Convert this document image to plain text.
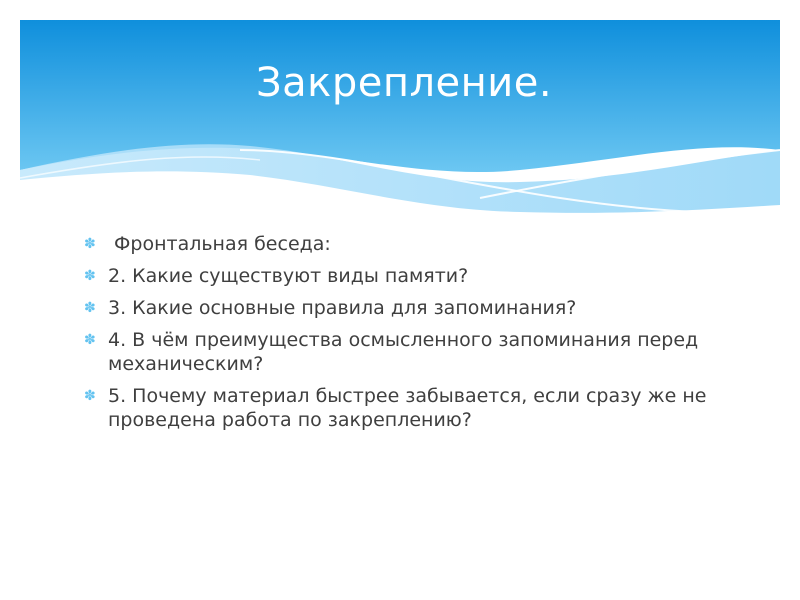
Закрепление.
✽ Фронтальная беседа:
✽ 2. Какие существуют виды памяти?
✽ 3. Какие основные правила для запоминания?
✽ 4. В чём преимущества осмысленного запоминания перед механическим?
✽ 5. Почему материал быстрее забывается, если сразу же не проведена работа по закреплению?
